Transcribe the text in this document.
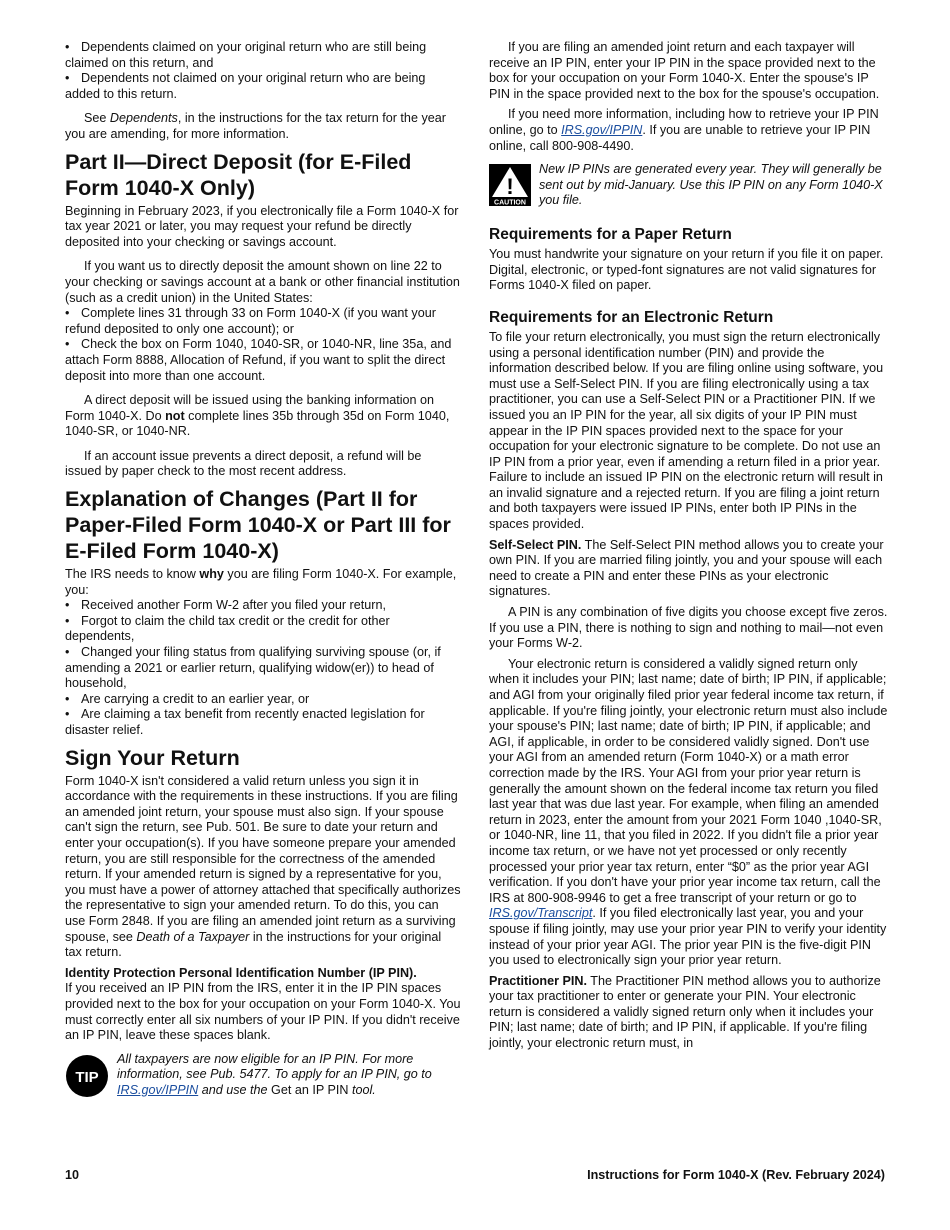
• Dependents claimed on your original return who are still being claimed on this return, and

• Dependents not claimed on your original return who are being added to this return.

See Dependents, in the instructions for the tax return for the year you are amending, for more information.

Part II—Direct Deposit (for E-Filed Form 1040-X Only)

Beginning in February 2023, if you electronically file a Form 1040-X for tax year 2021 or later, you may request your refund be directly deposited into your checking or savings account.

If you want us to directly deposit the amount shown on line 22 to your checking or savings account at a bank or other financial institution (such as a credit union) in the United States:

• Complete lines 31 through 33 on Form 1040-X (if you want your refund deposited to only one account); or

• Check the box on Form 1040, 1040-SR, or 1040-NR, line 35a, and attach Form 8888, Allocation of Refund, if you want to split the direct deposit into more than one account.

A direct deposit will be issued using the banking information on Form 1040-X. Do not complete lines 35b through 35d on Form 1040, 1040-SR, or 1040-NR.

If an account issue prevents a direct deposit, a refund will be issued by paper check to the most recent address.

Explanation of Changes (Part II for Paper-Filed Form 1040-X or Part III for E-Filed Form 1040-X)

The IRS needs to know why you are filing Form 1040-X. For example, you:

• Received another Form W-2 after you filed your return,

• Forgot to claim the child tax credit or the credit for other dependents,

• Changed your filing status from qualifying surviving spouse (or, if amending a 2021 or earlier return, qualifying widow(er)) to head of household,

• Are carrying a credit to an earlier year, or

• Are claiming a tax benefit from recently enacted legislation for disaster relief.

Sign Your Return

Form 1040-X isn't considered a valid return unless you sign it in accordance with the requirements in these instructions. If you are filing an amended joint return, your spouse must also sign. If your spouse can't sign the return, see Pub. 501. Be sure to date your return and enter your occupation(s). If you have someone prepare your amended return, you are still responsible for the correctness of the amended return. If your amended return is signed by a representative for you, you must have a power of attorney attached that specifically authorizes the representative to sign your amended return. To do this, you can use Form 2848. If you are filing an amended joint return as a surviving spouse, see Death of a Taxpayer in the instructions for your original tax return.

Identity Protection Personal Identification Number (IP PIN).
If you received an IP PIN from the IRS, enter it in the IP PIN spaces provided next to the box for your occupation on your Form 1040-X. You must correctly enter all six numbers of your IP PIN. If you didn't receive an IP PIN, leave these spaces blank.

TIP

All taxpayers are now eligible for an IP PIN. For more information, see Pub. 5477. To apply for an IP PIN, go to IRS.gov/IPPIN and use the Get an IP PIN tool.

If you are filing an amended joint return and each taxpayer will receive an IP PIN, enter your IP PIN in the space provided next to the box for your occupation on your Form 1040-X. Enter the spouse's IP PIN in the space provided next to the box for the spouse's occupation.

If you need more information, including how to retrieve your IP PIN online, go to IRS.gov/IPPIN. If you are unable to retrieve your IP PIN online, call 800-908-4490.

!
CAUTION

New IP PINs are generated every year. They will generally be sent out by mid-January. Use this IP PIN on any Form 1040-X you file.

Requirements for a Paper Return

You must handwrite your signature on your return if you file it on paper. Digital, electronic, or typed-font signatures are not valid signatures for Forms 1040-X filed on paper.

Requirements for an Electronic Return

To file your return electronically, you must sign the return electronically using a personal identification number (PIN) and provide the information described below. If you are filing online using software, you must use a Self-Select PIN. If you are filing electronically using a tax practitioner, you can use a Self-Select PIN or a Practitioner PIN. If we issued you an IP PIN for the year, all six digits of your IP PIN must appear in the IP PIN spaces provided next to the space for your occupation for your electronic signature to be complete. Do not use an IP PIN from a prior year, even if amending a return filed in a prior year. Failure to include an issued IP PIN on the electronic return will result in an invalid signature and a rejected return. If you are filing a joint return and both taxpayers were issued IP PINs, enter both IP PINs in the spaces provided.

Self-Select PIN. The Self-Select PIN method allows you to create your own PIN. If you are married filing jointly, you and your spouse will each need to create a PIN and enter these PINs as your electronic signatures.

A PIN is any combination of five digits you choose except five zeros. If you use a PIN, there is nothing to sign and nothing to mail—not even your Forms W-2.

Your electronic return is considered a validly signed return only when it includes your PIN; last name; date of birth; IP PIN, if applicable; and AGI from your originally filed prior year federal income tax return, if applicable. If you're filing jointly, your electronic return must also include your spouse's PIN; last name; date of birth; IP PIN, if applicable; and AGI, if applicable, in order to be considered validly signed. Don't use your AGI from an amended return (Form 1040-X) or a math error correction made by the IRS. Your AGI from your prior year return is generally the amount shown on the federal income tax return you filed last year that was due last year. For example, when filing an amended return in 2023, enter the amount from your 2021 Form 1040 ,1040-SR, or 1040-NR, line 11, that you filed in 2022. If you didn't file a prior year income tax return, or we have not yet processed or only recently processed your prior year tax return, enter “$0” as the prior year AGI verification. If you don't have your prior year income tax return, call the IRS at 800-908-9946 to get a free transcript of your return or go to IRS.gov/Transcript. If you filed electronically last year, you and your spouse if filing jointly, may use your prior year PIN to verify your identity instead of your prior year AGI. The prior year PIN is the five-digit PIN you used to electronically sign your prior year return.

Practitioner PIN. The Practitioner PIN method allows you to authorize your tax practitioner to enter or generate your PIN. Your electronic return is considered a validly signed return only when it includes your PIN; last name; date of birth; and IP PIN, if applicable. If you're filing jointly, your electronic return must, in

10	Instructions for Form 1040-X (Rev. February 2024)
